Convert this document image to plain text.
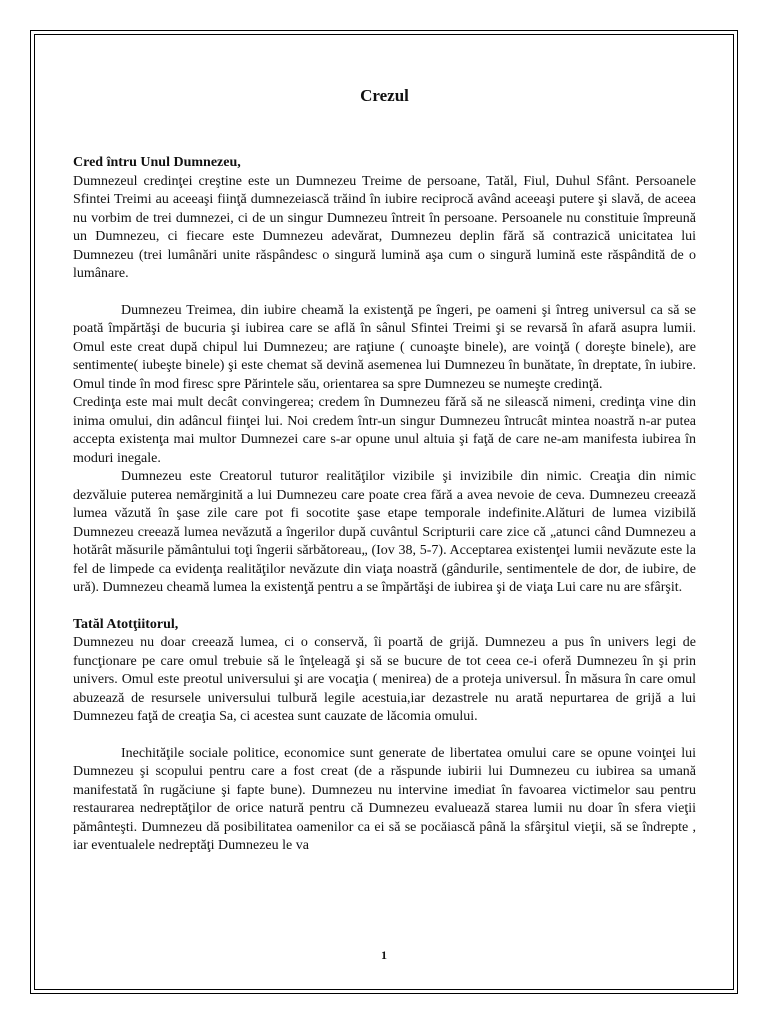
Crezul

Cred întru Unul Dumnezeu,

Dumnezeul credinţei creştine este un Dumnezeu Treime de persoane, Tatăl, Fiul, Duhul Sfânt. Persoanele Sfintei Treimi au aceeaşi fiinţă dumnezeiască trăind în iubire reciprocă având aceeaşi putere şi slavă, de aceea nu vorbim de trei dumnezei, ci de un singur Dumnezeu întreit în persoane. Persoanele nu constituie împreună un Dumnezeu, ci fiecare este Dumnezeu adevărat, Dumnezeu deplin fără să contrazică unicitatea lui Dumnezeu (trei lumânări unite răspândesc o singură lumină aşa cum o singură lumină este răspândită de o lumânare.

Dumnezeu Treimea, din iubire cheamă la existenţă pe îngeri, pe oameni şi întreg universul ca să se poată împărtăşi de bucuria şi iubirea care se află în sânul Sfintei Treimi şi se revarsă în afară asupra lumii. Omul este creat după chipul lui Dumnezeu; are raţiune ( cunoaşte binele), are voinţă ( doreşte binele), are sentimente( iubeşte binele) şi este chemat să devină asemenea lui Dumnezeu în bunătate, în dreptate, în iubire. Omul tinde în mod firesc spre Părintele său, orientarea sa spre Dumnezeu se numeşte credinţă.

Credinţa este mai mult decât convingerea; credem în Dumnezeu fără să ne silească nimeni, credinţa vine din inima omului, din adâncul fiinţei lui. Noi credem într-un singur Dumnezeu întrucât mintea noastră n-ar putea accepta existenţa mai multor Dumnezei care s-ar opune unul altuia şi faţă de care ne-am manifesta iubirea în moduri inegale.

Dumnezeu este Creatorul tuturor realităţilor vizibile şi invizibile din nimic. Creaţia din nimic dezvăluie puterea nemărginită a lui Dumnezeu care poate crea fără a avea nevoie de ceva. Dumnezeu creează lumea văzută în şase zile care pot fi socotite şase etape temporale indefinite.Alături de lumea vizibilă Dumnezeu creează lumea nevăzută a îngerilor după cuvântul Scripturii care zice că „atunci când Dumnezeu a hotărât măsurile pământului toţi îngerii sărbătoreau„ (Iov 38, 5-7). Acceptarea existenţei lumii nevăzute este la fel de limpede ca evidenţa realităţilor nevăzute din viaţa noastră (gândurile, sentimentele de dor, de iubire, de ură). Dumnezeu cheamă lumea la existenţă pentru a se împărtăşi de iubirea şi de viaţa Lui care nu are sfârşit.

Tatăl Atotţiitorul,

Dumnezeu nu doar creează lumea, ci o conservă, îi poartă de grijă. Dumnezeu a pus în univers legi de funcţionare pe care omul trebuie să le înţeleagă şi să se bucure de tot ceea ce-i oferă Dumnezeu în şi prin univers. Omul este preotul universului şi are vocaţia ( menirea) de a proteja universul. În măsura în care omul abuzează de resursele universului tulbură legile acestuia,iar dezastrele nu arată nepurtarea de grijă a lui Dumnezeu faţă de creaţia Sa, ci acestea sunt cauzate de lăcomia omului.

Inechităţile sociale politice, economice sunt generate de libertatea omului care se opune voinţei lui Dumnezeu şi scopului pentru care a fost creat (de a răspunde iubirii lui Dumnezeu cu iubirea sa umană manifestată în rugăciune şi fapte bune). Dumnezeu nu intervine imediat în favoarea victimelor sau pentru restaurarea nedreptăţilor de orice natură pentru că Dumnezeu evaluează starea lumii nu doar în sfera vieţii pământeşti. Dumnezeu dă posibilitatea oamenilor ca ei să se pocăiască până la sfârşitul vieţii, să se îndrepte , iar eventualele nedreptăţi Dumnezeu le va

1
